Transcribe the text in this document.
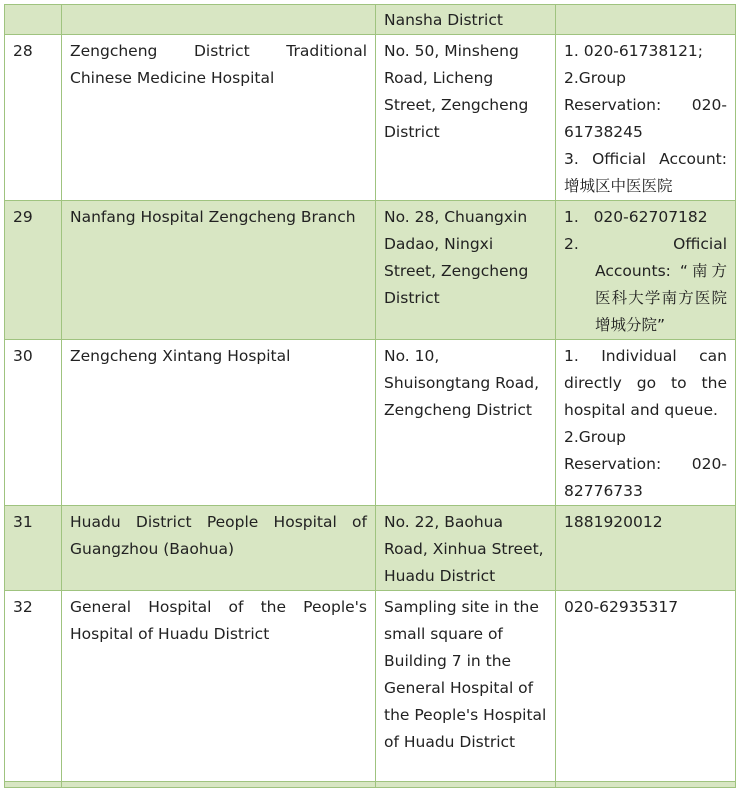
		Nansha District	
28	Zengcheng District Traditional Chinese Medicine Hospital	No. 50, Minsheng Road, Licheng Street, Zengcheng District	1. 020-61738121;
2.Group Reservation: 020-61738245
3. Official Account: 增城区中医医院

29	Nanfang Hospital Zengcheng Branch	No. 28, Chuangxin Dadao, Ningxi Street, Zengcheng District	1.   020-62707182
2.   Official Accounts: “南方医科大学南方医院增城分院”

30	Zengcheng Xintang Hospital	No. 10, Shuisongtang Road, Zengcheng District	1. Individual can directly go to the hospital and queue.
2.Group Reservation: 020-82776733

31	Huadu District People Hospital of Guangzhou (Baohua)	No. 22, Baohua Road, Xinhua Street, Huadu District	1881920012

32	General Hospital of the People's Hospital of Huadu District	Sampling site in the small square of Building 7 in the General Hospital of the People's Hospital of Huadu District	020-62935317
